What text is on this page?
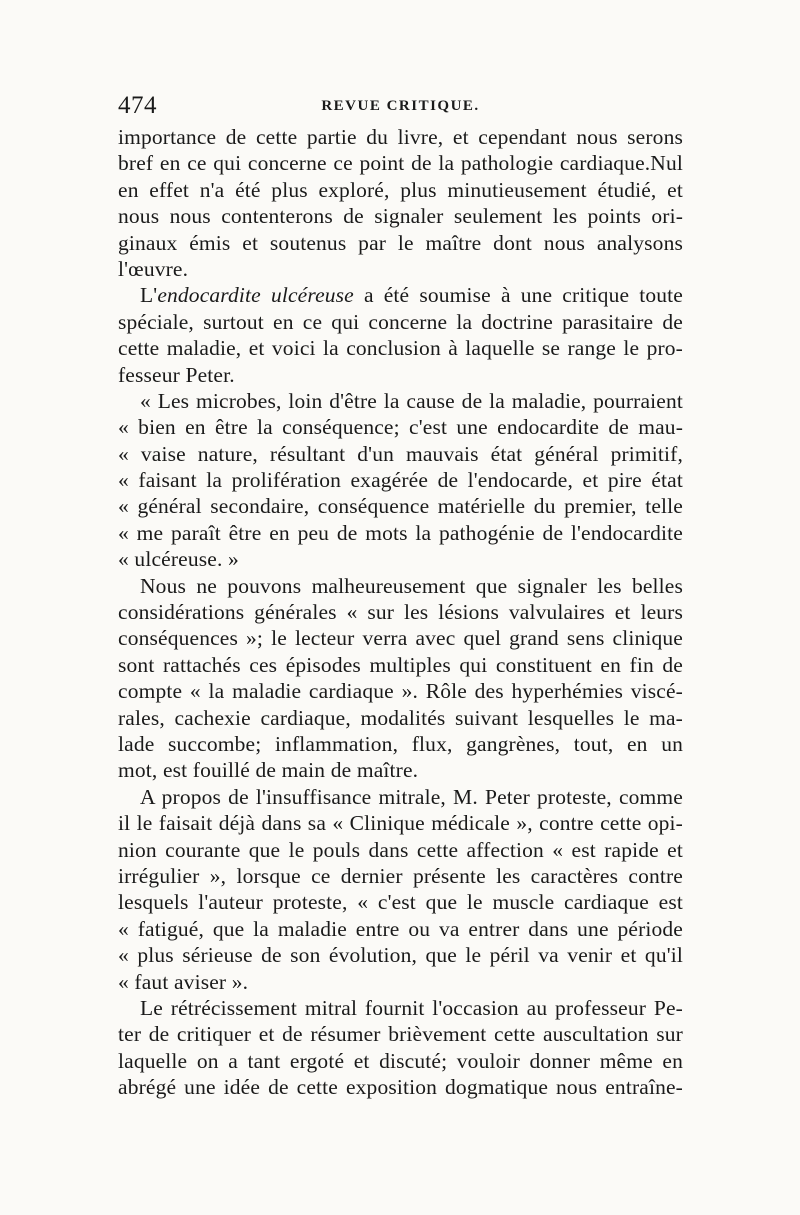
474	REVUE CRITIQUE.
importance de cette partie du livre, et cependant nous serons
bref en ce qui concerne ce point de la pathologie cardiaque.Nul
en effet n'a été plus exploré, plus minutieusement étudié, et
nous nous contenterons de signaler seulement les points ori-
ginaux émis et soutenus par le maître dont nous analysons
l'œuvre.
L'endocardite ulcéreuse a été soumise à une critique toute
spéciale, surtout en ce qui concerne la doctrine parasitaire de
cette maladie, et voici la conclusion à laquelle se range le pro-
fesseur Peter.
« Les microbes, loin d'être la cause de la maladie, pourraient
« bien en être la conséquence; c'est une endocardite de mau-
« vaise nature, résultant d'un mauvais état général primitif,
« faisant la prolifération exagérée de l'endocarde, et pire état
« général secondaire, conséquence matérielle du premier, telle
« me paraît être en peu de mots la pathogénie de l'endocardite
« ulcéreuse. »
Nous ne pouvons malheureusement que signaler les belles
considérations générales « sur les lésions valvulaires et leurs
conséquences »; le lecteur verra avec quel grand sens clinique
sont rattachés ces épisodes multiples qui constituent en fin de
compte « la maladie cardiaque ». Rôle des hyperhémies viscé-
rales, cachexie cardiaque, modalités suivant lesquelles le ma-
lade succombe; inflammation, flux, gangrènes, tout, en un
mot, est fouillé de main de maître.
A propos de l'insuffisance mitrale, M. Peter proteste, comme
il le faisait déjà dans sa « Clinique médicale », contre cette opi-
nion courante que le pouls dans cette affection « est rapide et
irrégulier », lorsque ce dernier présente les caractères contre
lesquels l'auteur proteste, « c'est que le muscle cardiaque est
« fatigué, que la maladie entre ou va entrer dans une période
« plus sérieuse de son évolution, que le péril va venir et qu'il
« faut aviser ».
Le rétrécissement mitral fournit l'occasion au professeur Pe-
ter de critiquer et de résumer brièvement cette auscultation sur
laquelle on a tant ergoté et discuté; vouloir donner même en
abrégé une idée de cette exposition dogmatique nous entraîne-
